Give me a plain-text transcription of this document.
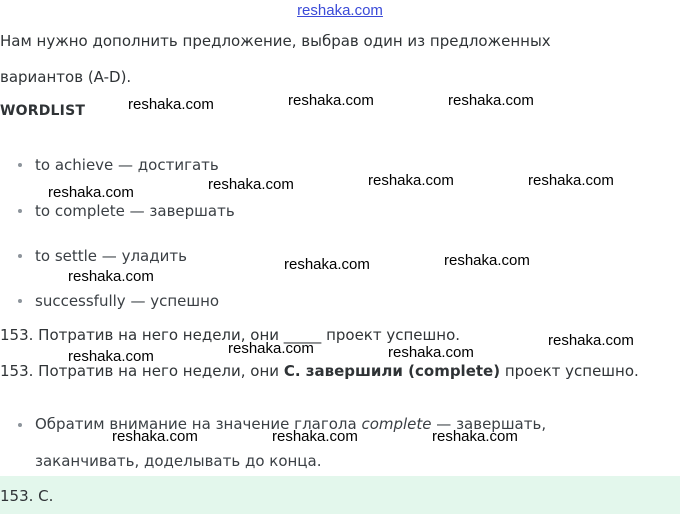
reshaka.com
Нам нужно дополнить предложение, выбрав один из предложенных
вариантов (A-D).
WORDLIST
to achieve — достигать
to complete — завершать
to settle — уладить
successfully — успешно
153. Потратив на него недели, они _____ проект успешно.
153. Потратив на него недели, они C. завершили (complete) проект успешно.
Обратим внимание на значение глагола complete — завершать,
заканчивать, доделывать до конца.
153. C.
reshaka.com	reshaka.com	reshaka.com
reshaka.com	reshaka.com	reshaka.com	reshaka.com
reshaka.com
reshaka.com	reshaka.com
reshaka.com
reshaka.com	reshaka.com	reshaka.com
reshaka.com	reshaka.com	reshaka.com
